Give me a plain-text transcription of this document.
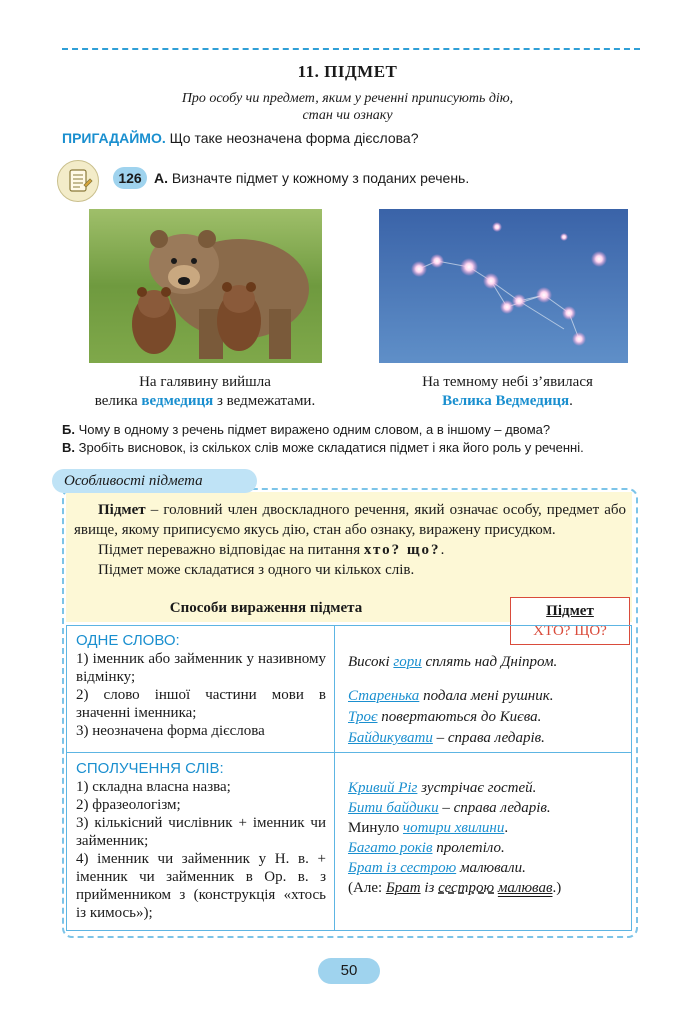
11. ПІДМЕТ
Про особу чи предмет, яким у реченні приписують дію,
стан чи ознаку
ПРИГАДАЙМО. Що таке неозначена форма дієслова?
126 А. Визначте підмет у кожному з поданих речень.
На галявину вийшла
велика ведмедиця з ведмежатами.
На темному небі з’явилася
Велика Ведмедиця.
Б. Чому в одному з речень підмет виражено одним словом, а в іншому – двома?
В. Зробіть висновок, із скількох слів може складатися підмет і яка його роль у реченні.
Особливості підмета

Підмет – головний член двоскладного речення, який означає особу, предмет або явище, якому приписуємо якусь дію, стан або ознаку, виражену присудком.

Підмет переважно відповідає на питання хто? що?.

Підмет може складатися з одного чи кількох слів.

Способи вираження підмета	Підмет
ХТО? ЩО?
ОДНЕ СЛОВО:
1) іменник або займенник у називному відмінку;
2) слово іншої частини мови в значенні іменника;
3) неозначена форма дієслова
Високі гори сплять над Дніпром.
Старенька подала мені рушник.
Троє повертаються до Києва.
Байдикувати – справа ледарів.
СПОЛУЧЕННЯ СЛІВ:
1) складна власна назва;
2) фразеологізм;
3) кількісний числівник + іменник чи займенник;
4) іменник чи займенник у Н. в. + іменник чи займенник в Ор. в. з прийменником з (конструкція «хтось із кимось»);
Кривий Ріг зустрічає гостей.
Бити байдики – справа ледарів.
Минуло чотири хвилини.
Багато років пролетіло.
Брат із сестрою малювали.
(Але: Брат із сестрою малював.)
50
